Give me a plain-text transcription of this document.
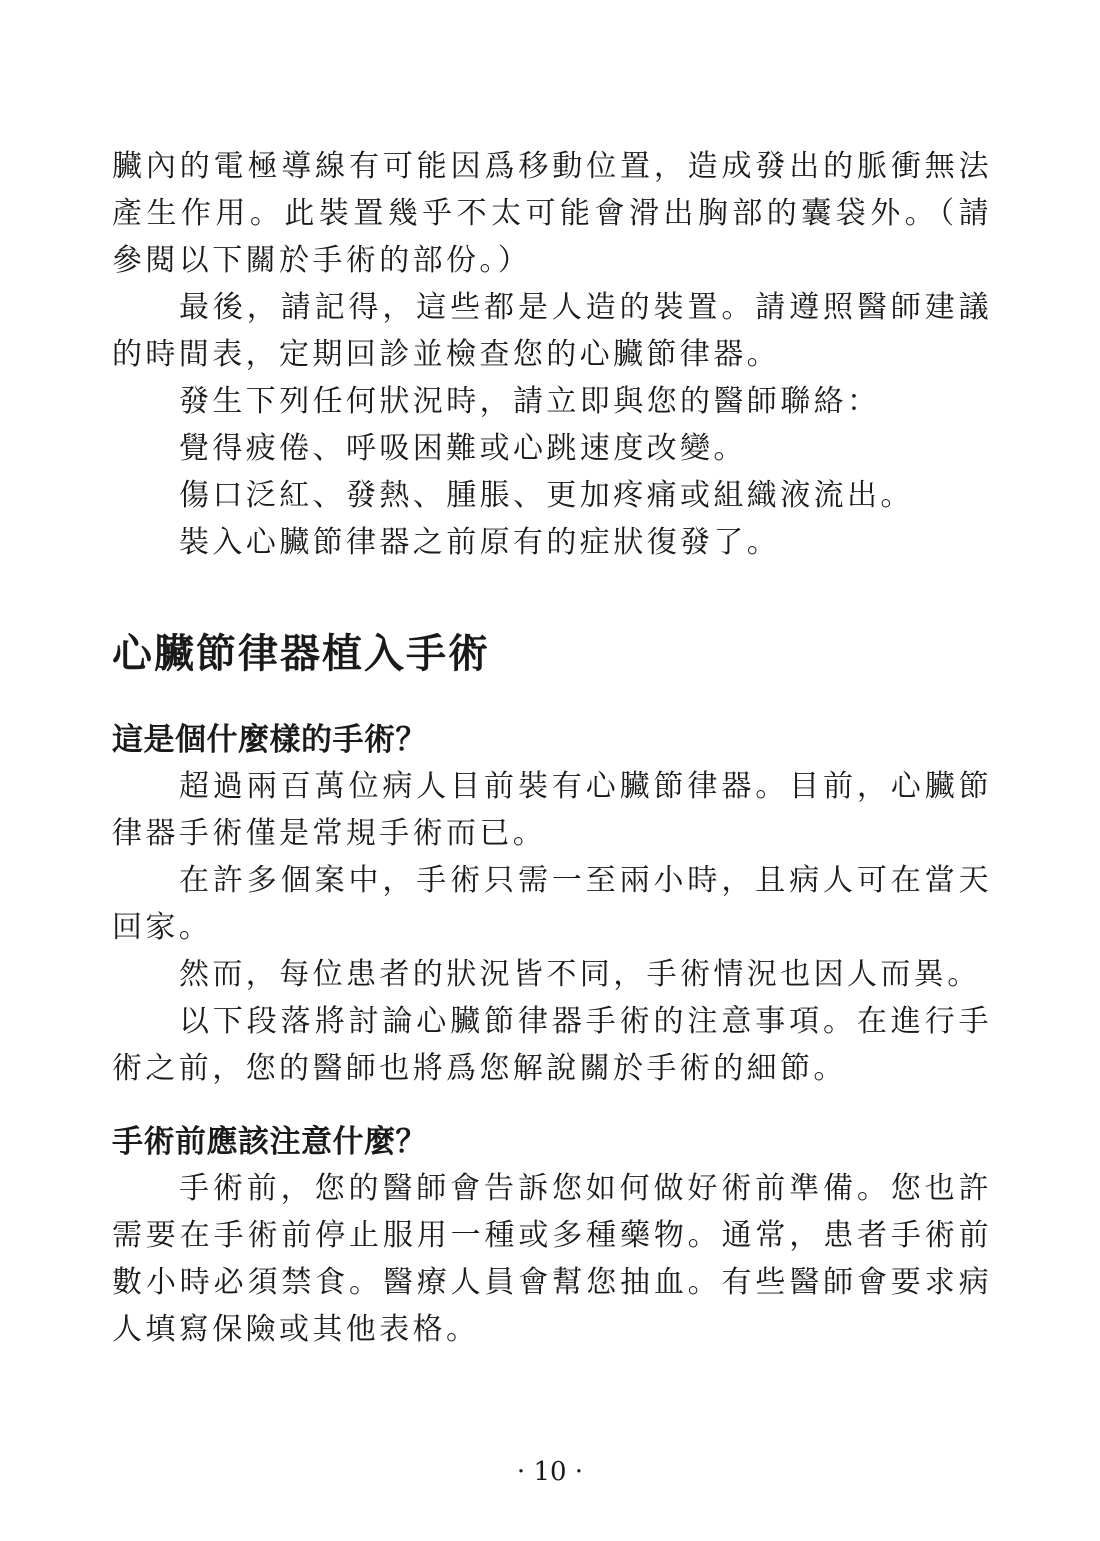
臟內的電極導線有可能因爲移動位置，造成發出的脈衝無法產生作用。此裝置幾乎不太可能會滑出胸部的囊袋外。（請參閱以下關於手術的部份。）

最後，請記得，這些都是人造的裝置。請遵照醫師建議的時間表，定期回診並檢查您的心臟節律器。

發生下列任何狀況時，請立即與您的醫師聯絡：

覺得疲倦、呼吸困難或心跳速度改變。

傷口泛紅、發熱、腫脹、更加疼痛或組織液流出。

裝入心臟節律器之前原有的症狀復發了。

心臟節律器植入手術
這是個什麼樣的手術？

超過兩百萬位病人目前裝有心臟節律器。目前，心臟節律器手術僅是常規手術而已。

在許多個案中，手術只需一至兩小時，且病人可在當天回家。

然而，每位患者的狀況皆不同，手術情況也因人而異。

以下段落將討論心臟節律器手術的注意事項。在進行手術之前，您的醫師也將爲您解說關於手術的細節。

手術前應該注意什麼？

手術前，您的醫師會告訴您如何做好術前準備。您也許需要在手術前停止服用一種或多種藥物。通常，患者手術前數小時必須禁食。醫療人員會幫您抽血。有些醫師會要求病人填寫保險或其他表格。

· 10 ·
